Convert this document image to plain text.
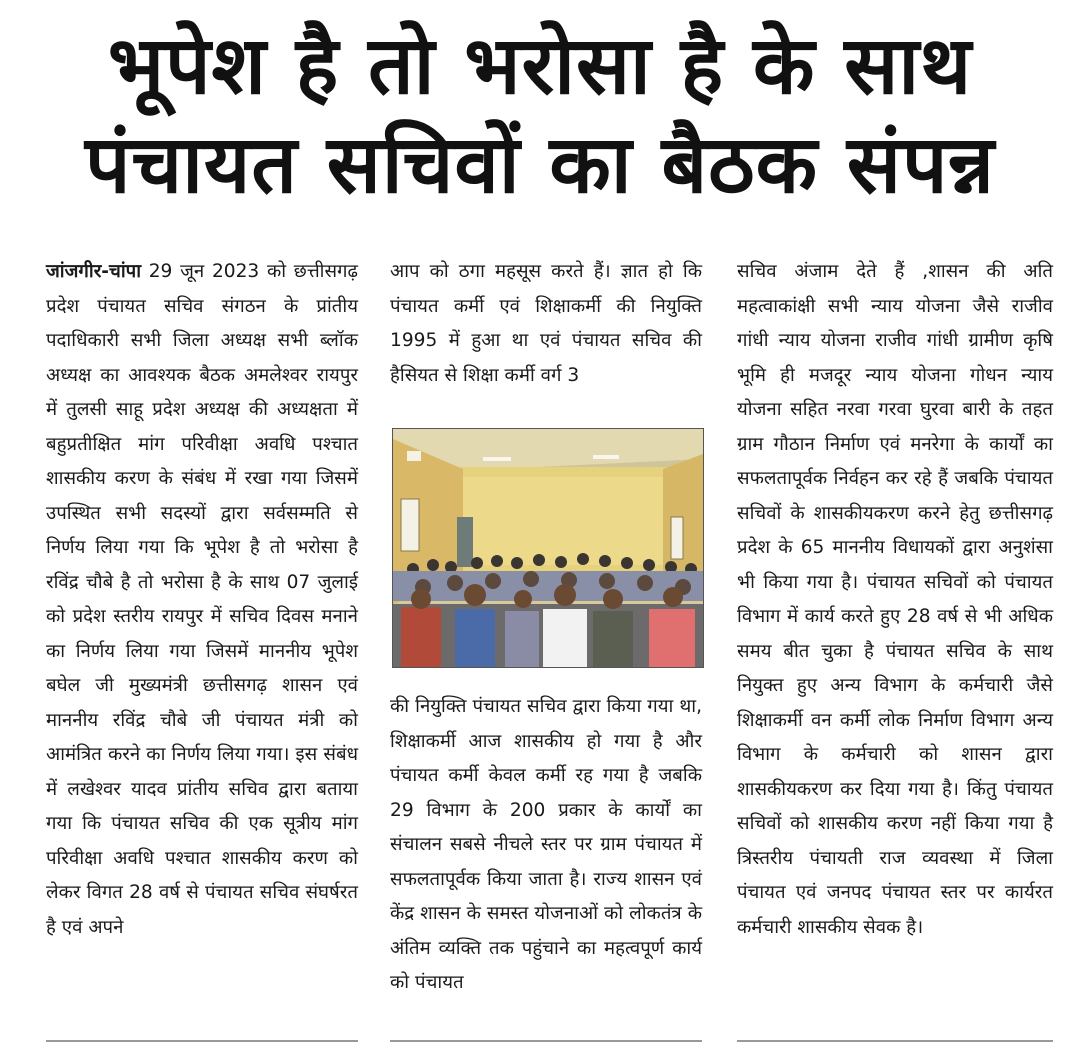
भूपेश है तो भरोसा है के साथ
पंचायत सचिवों का बैठक संपन्न
जांजगीर-चांपा 29 जून 2023 को छत्तीसगढ़ प्रदेश पंचायत सचिव संगठन के प्रांतीय पदाधिकारी सभी जिला अध्यक्ष सभी ब्लॉक अध्यक्ष का आवश्यक बैठक अमलेश्वर रायपुर में तुलसी साहू प्रदेश अध्यक्ष की अध्यक्षता में बहुप्रतीक्षित मांग परिवीक्षा अवधि पश्चात शासकीय करण के संबंध में रखा गया जिसमें उपस्थित सभी सदस्यों द्वारा सर्वसम्मति से निर्णय लिया गया कि भूपेश है तो भरोसा है रविंद्र चौबे है तो भरोसा है के साथ 07 जुलाई को प्रदेश स्तरीय रायपुर में सचिव दिवस मनाने का निर्णय लिया गया जिसमें माननीय भूपेश बघेल जी मुख्यमंत्री छत्तीसगढ़ शासन एवं माननीय रविंद्र चौबे जी पंचायत मंत्री को आमंत्रित करने का निर्णय लिया गया। इस संबंध में लखेश्वर यादव प्रांतीय सचिव द्वारा बताया गया कि पंचायत सचिव की एक सूत्रीय मांग परिवीक्षा अवधि पश्चात शासकीय करण को लेकर विगत 28 वर्ष से पंचायत सचिव संघर्षरत है एवं अपने
आप को ठगा महसूस करते हैं। ज्ञात हो कि पंचायत कर्मी एवं शिक्षाकर्मी की नियुक्ति 1995 में हुआ था एवं पंचायत सचिव की हैसियत से शिक्षा कर्मी वर्ग 3
की नियुक्ति पंचायत सचिव द्वारा किया गया था, शिक्षाकर्मी आज शासकीय हो गया है और पंचायत कर्मी केवल कर्मी रह गया है जबकि 29 विभाग के 200 प्रकार के कार्यों का संचालन सबसे नीचले स्तर पर ग्राम पंचायत में सफलतापूर्वक किया जाता है। राज्य शासन एवं केंद्र शासन के समस्त योजनाओं को लोकतंत्र के अंतिम व्यक्ति तक पहुंचाने का महत्वपूर्ण कार्य को पंचायत
सचिव अंजाम देते हैं ,शासन की अति महत्वाकांक्षी सभी न्याय योजना जैसे राजीव गांधी न्याय योजना राजीव गांधी ग्रामीण कृषि भूमि ही मजदूर न्याय योजना गोधन न्याय योजना सहित नरवा गरवा घुरवा बारी के तहत ग्राम गौठान निर्माण एवं मनरेगा के कार्यों का सफलतापूर्वक निर्वहन कर रहे हैं जबकि पंचायत सचिवों के शासकीयकरण करने हेतु छत्तीसगढ़ प्रदेश के 65 माननीय विधायकों द्वारा अनुशंसा भी किया गया है। पंचायत सचिवों को पंचायत विभाग में कार्य करते हुए 28 वर्ष से भी अधिक समय बीत चुका है पंचायत सचिव के साथ नियुक्त हुए अन्य विभाग के कर्मचारी जैसे शिक्षाकर्मी वन कर्मी लोक निर्माण विभाग अन्य विभाग के कर्मचारी को शासन द्वारा शासकीयकरण कर दिया गया है। किंतु पंचायत सचिवों को शासकीय करण नहीं किया गया है त्रिस्तरीय पंचायती राज व्यवस्था में जिला पंचायत एवं जनपद पंचायत स्तर पर कार्यरत कर्मचारी शासकीय सेवक है।
